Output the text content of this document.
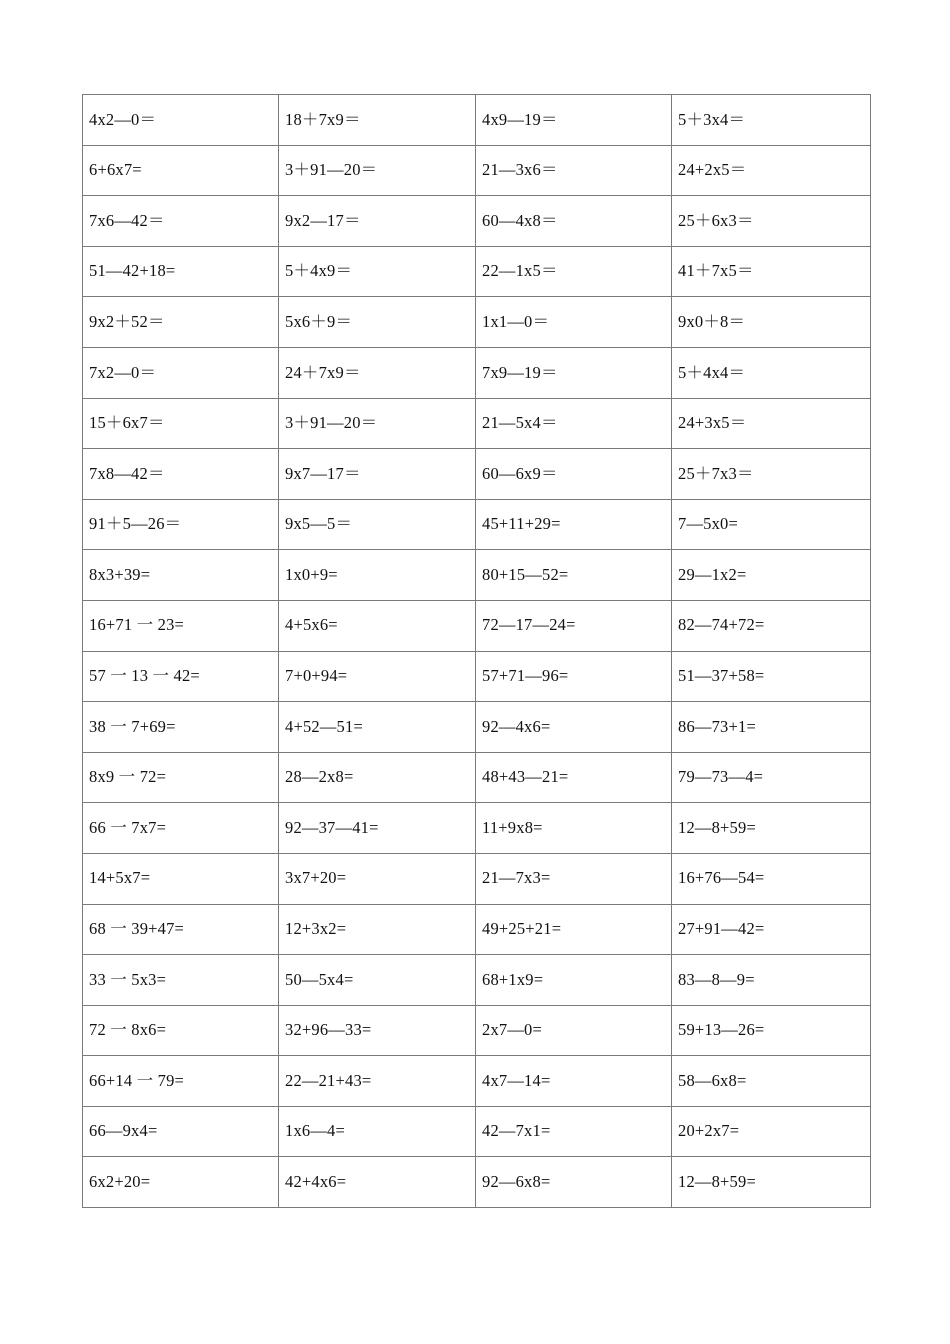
4x2—0＝	18＋7x9＝	4x9—19＝	5＋3x4＝
6+6x7=	3＋91—20＝	21—3x6＝	24+2x5＝
7x6—42＝	9x2—17＝	60—4x8＝	25＋6x3＝
51—42+18=	5＋4x9＝	22—1x5＝	41＋7x5＝
9x2＋52＝	5x6＋9＝	1x1—0＝	9x0＋8＝
7x2—0＝	24＋7x9＝	7x9—19＝	5＋4x4＝
15＋6x7＝	3＋91—20＝	21—5x4＝	24+3x5＝
7x8—42＝	9x7—17＝	60—6x9＝	25＋7x3＝
91＋5—26＝	9x5—5＝	45+11+29=	7—5x0=
8x3+39=	1x0+9=	80+15—52=	29—1x2=
16+71 一 23=	4+5x6=	72—17—24=	82—74+72=
57 一 13 一 42=	7+0+94=	57+71—96=	51—37+58=
38 一 7+69=	4+52—51=	92—4x6=	86—73+1=
8x9 一 72=	28—2x8=	48+43—21=	79—73—4=
66 一 7x7=	92—37—41=	11+9x8=	12—8+59=
14+5x7=	3x7+20=	21—7x3=	16+76—54=
68 一 39+47=	12+3x2=	49+25+21=	27+91—42=
33 一 5x3=	50—5x4=	68+1x9=	83—8—9=
72 一 8x6=	32+96—33=	2x7—0=	59+13—26=
66+14 一 79=	22—21+43=	4x7—14=	58—6x8=
66—9x4=	1x6—4=	42—7x1=	20+2x7=
6x2+20=	42+4x6=	92—6x8=	12—8+59=
